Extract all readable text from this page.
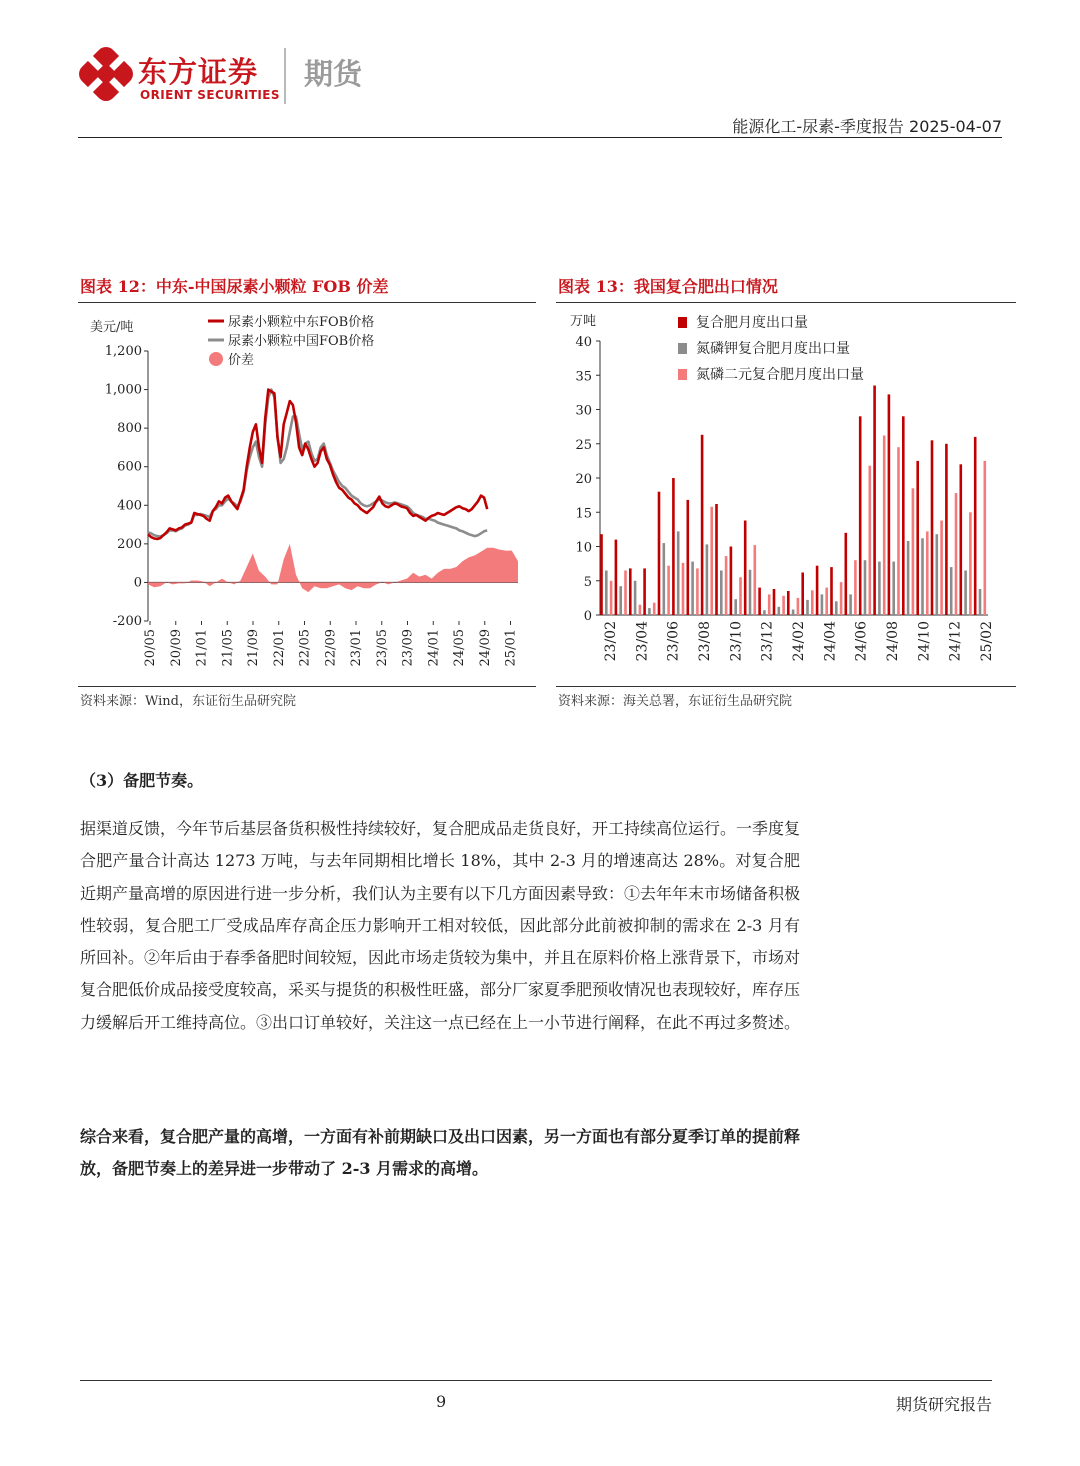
东方证券
ORIENT SECURITIES
期货
能源化工-尿素-季度报告 2025-04-07
图表 12：中东-中国尿素小颗粒 FOB 价差
美元/吨
-200
0
200
400
600
800
1,000
1,200
20/05 20/09 21/01 21/05 21/09 22/01 22/05 22/09 23/01 23/05 23/09 24/01 24/05 24/09 25/01
尿素小颗粒中东FOB价格
尿素小颗粒中国FOB价格
价差
资料来源：Wind，东证衍生品研究院
图表 13：我国复合肥出口情况
万吨
0
5
10
15
20
25
30
35
40
23/02 23/04 23/06 23/08 23/10 23/12 24/02 24/04 24/06 24/08 24/10 24/12 25/02
复合肥月度出口量
氮磷钾复合肥月度出口量
氮磷二元复合肥月度出口量
资料来源：海关总署，东证衍生品研究院
（3）备肥节奏。
据渠道反馈，今年节后基层备货积极性持续较好，复合肥成品走货良好，开工持续高位运行。一季度复合肥产量合计高达 1273 万吨，与去年同期相比增长 18%，其中 2-3 月的增速高达 28%。对复合肥近期产量高增的原因进行进一步分析，我们认为主要有以下几方面因素导致：①去年年末市场储备积极性较弱，复合肥工厂受成品库存高企压力影响开工相对较低，因此部分此前被抑制的需求在 2-3 月有所回补。②年后由于春季备肥时间较短，因此市场走货较为集中，并且在原料价格上涨背景下，市场对复合肥低价成品接受度较高，采买与提货的积极性旺盛，部分厂家夏季肥预收情况也表现较好，库存压力缓解后开工维持高位。③出口订单较好，关注这一点已经在上一小节进行阐释，在此不再过多赘述。
综合来看，复合肥产量的高增，一方面有补前期缺口及出口因素，另一方面也有部分夏季订单的提前释放，备肥节奏上的差异进一步带动了 2-3 月需求的高增。
9	期货研究报告
